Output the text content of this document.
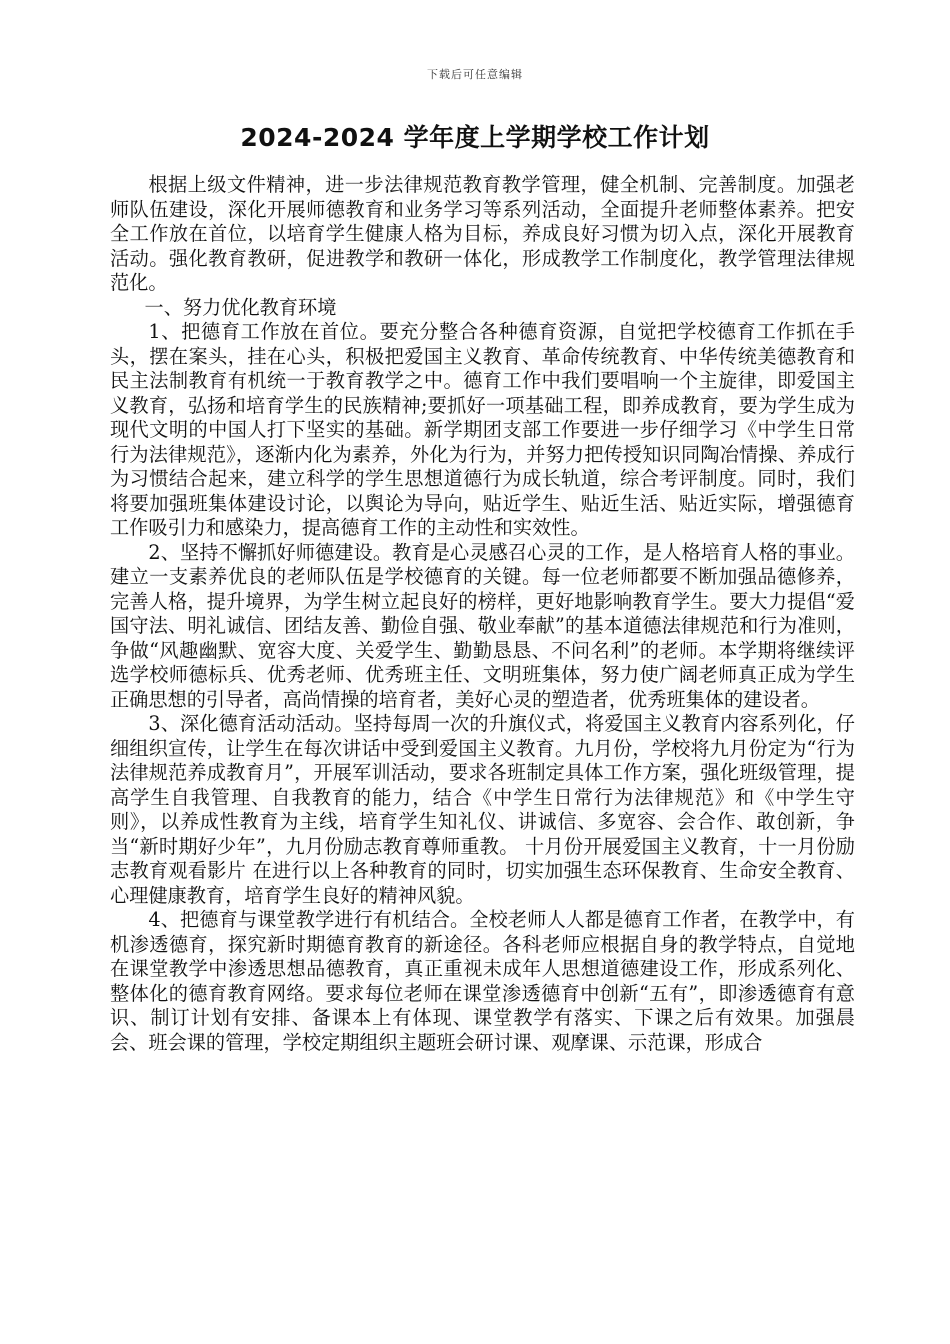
下载后可任意编辑
2024-2024 学年度上学期学校工作计划

根据上级文件精神，进一步法律规范教育教学管理，健全机制、完善制度。加强老师队伍建设，深化开展师德教育和业务学习等系列活动，全面提升老师整体素养。把安全工作放在首位，以培育学生健康人格为目标，养成良好习惯为切入点，深化开展教育活动。强化教育教研，促进教学和教研一体化，形成教学工作制度化，教学管理法律规范化。

一、努力优化教育环境

1、把德育工作放在首位。要充分整合各种德育资源，自觉把学校德育工作抓在手头，摆在案头，挂在心头，积极把爱国主义教育、革命传统教育、中华传统美德教育和民主法制教育有机统一于教育教学之中。德育工作中我们要唱响一个主旋律，即爱国主义教育，弘扬和培育学生的民族精神;要抓好一项基础工程，即养成教育，要为学生成为现代文明的中国人打下坚实的基础。新学期团支部工作要进一步仔细学习《中学生日常行为法律规范》，逐渐内化为素养，外化为行为，并努力把传授知识同陶冶情操、养成行为习惯结合起来，建立科学的学生思想道德行为成长轨道，综合考评制度。同时，我们将要加强班集体建设讨论，以舆论为导向，贴近学生、贴近生活、贴近实际，增强德育工作吸引力和感染力，提高德育工作的主动性和实效性。

2、坚持不懈抓好师德建设。教育是心灵感召心灵的工作，是人格培育人格的事业。建立一支素养优良的老师队伍是学校德育的关键。每一位老师都要不断加强品德修养，完善人格，提升境界，为学生树立起良好的榜样，更好地影响教育学生。要大力提倡“爱国守法、明礼诚信、团结友善、勤俭自强、敬业奉献”的基本道德法律规范和行为准则，争做“风趣幽默、宽容大度、关爱学生、勤勤恳恳、不问名利”的老师。本学期将继续评选学校师德标兵、优秀老师、优秀班主任、文明班集体，努力使广阔老师真正成为学生正确思想的引导者，高尚情操的培育者，美好心灵的塑造者，优秀班集体的建设者。

3、深化德育活动活动。坚持每周一次的升旗仪式，将爱国主义教育内容系列化，仔细组织宣传，让学生在每次讲话中受到爱国主义教育。九月份，学校将九月份定为“行为法律规范养成教育月”，开展军训活动，要求各班制定具体工作方案，强化班级管理，提高学生自我管理、自我教育的能力，结合《中学生日常行为法律规范》和《中学生守则》，以养成性教育为主线，培育学生知礼仪、讲诚信、多宽容、会合作、敢创新，争当“新时期好少年”，九月份励志教育尊师重教。 十月份开展爱国主义教育，十一月份励志教育观看影片 在进行以上各种教育的同时，切实加强生态环保教育、生命安全教育、心理健康教育，培育学生良好的精神风貌。

4、把德育与课堂教学进行有机结合。全校老师人人都是德育工作者，在教学中，有机渗透德育，探究新时期德育教育的新途径。各科老师应根据自身的教学特点，自觉地在课堂教学中渗透思想品德教育，真正重视未成年人思想道德建设工作，形成系列化、整体化的德育教育网络。要求每位老师在课堂渗透德育中创新“五有”，即渗透德育有意识、制订计划有安排、备课本上有体现、课堂教学有落实、下课之后有效果。加强晨会、班会课的管理，学校定期组织主题班会研讨课、观摩课、示范课，形成合
